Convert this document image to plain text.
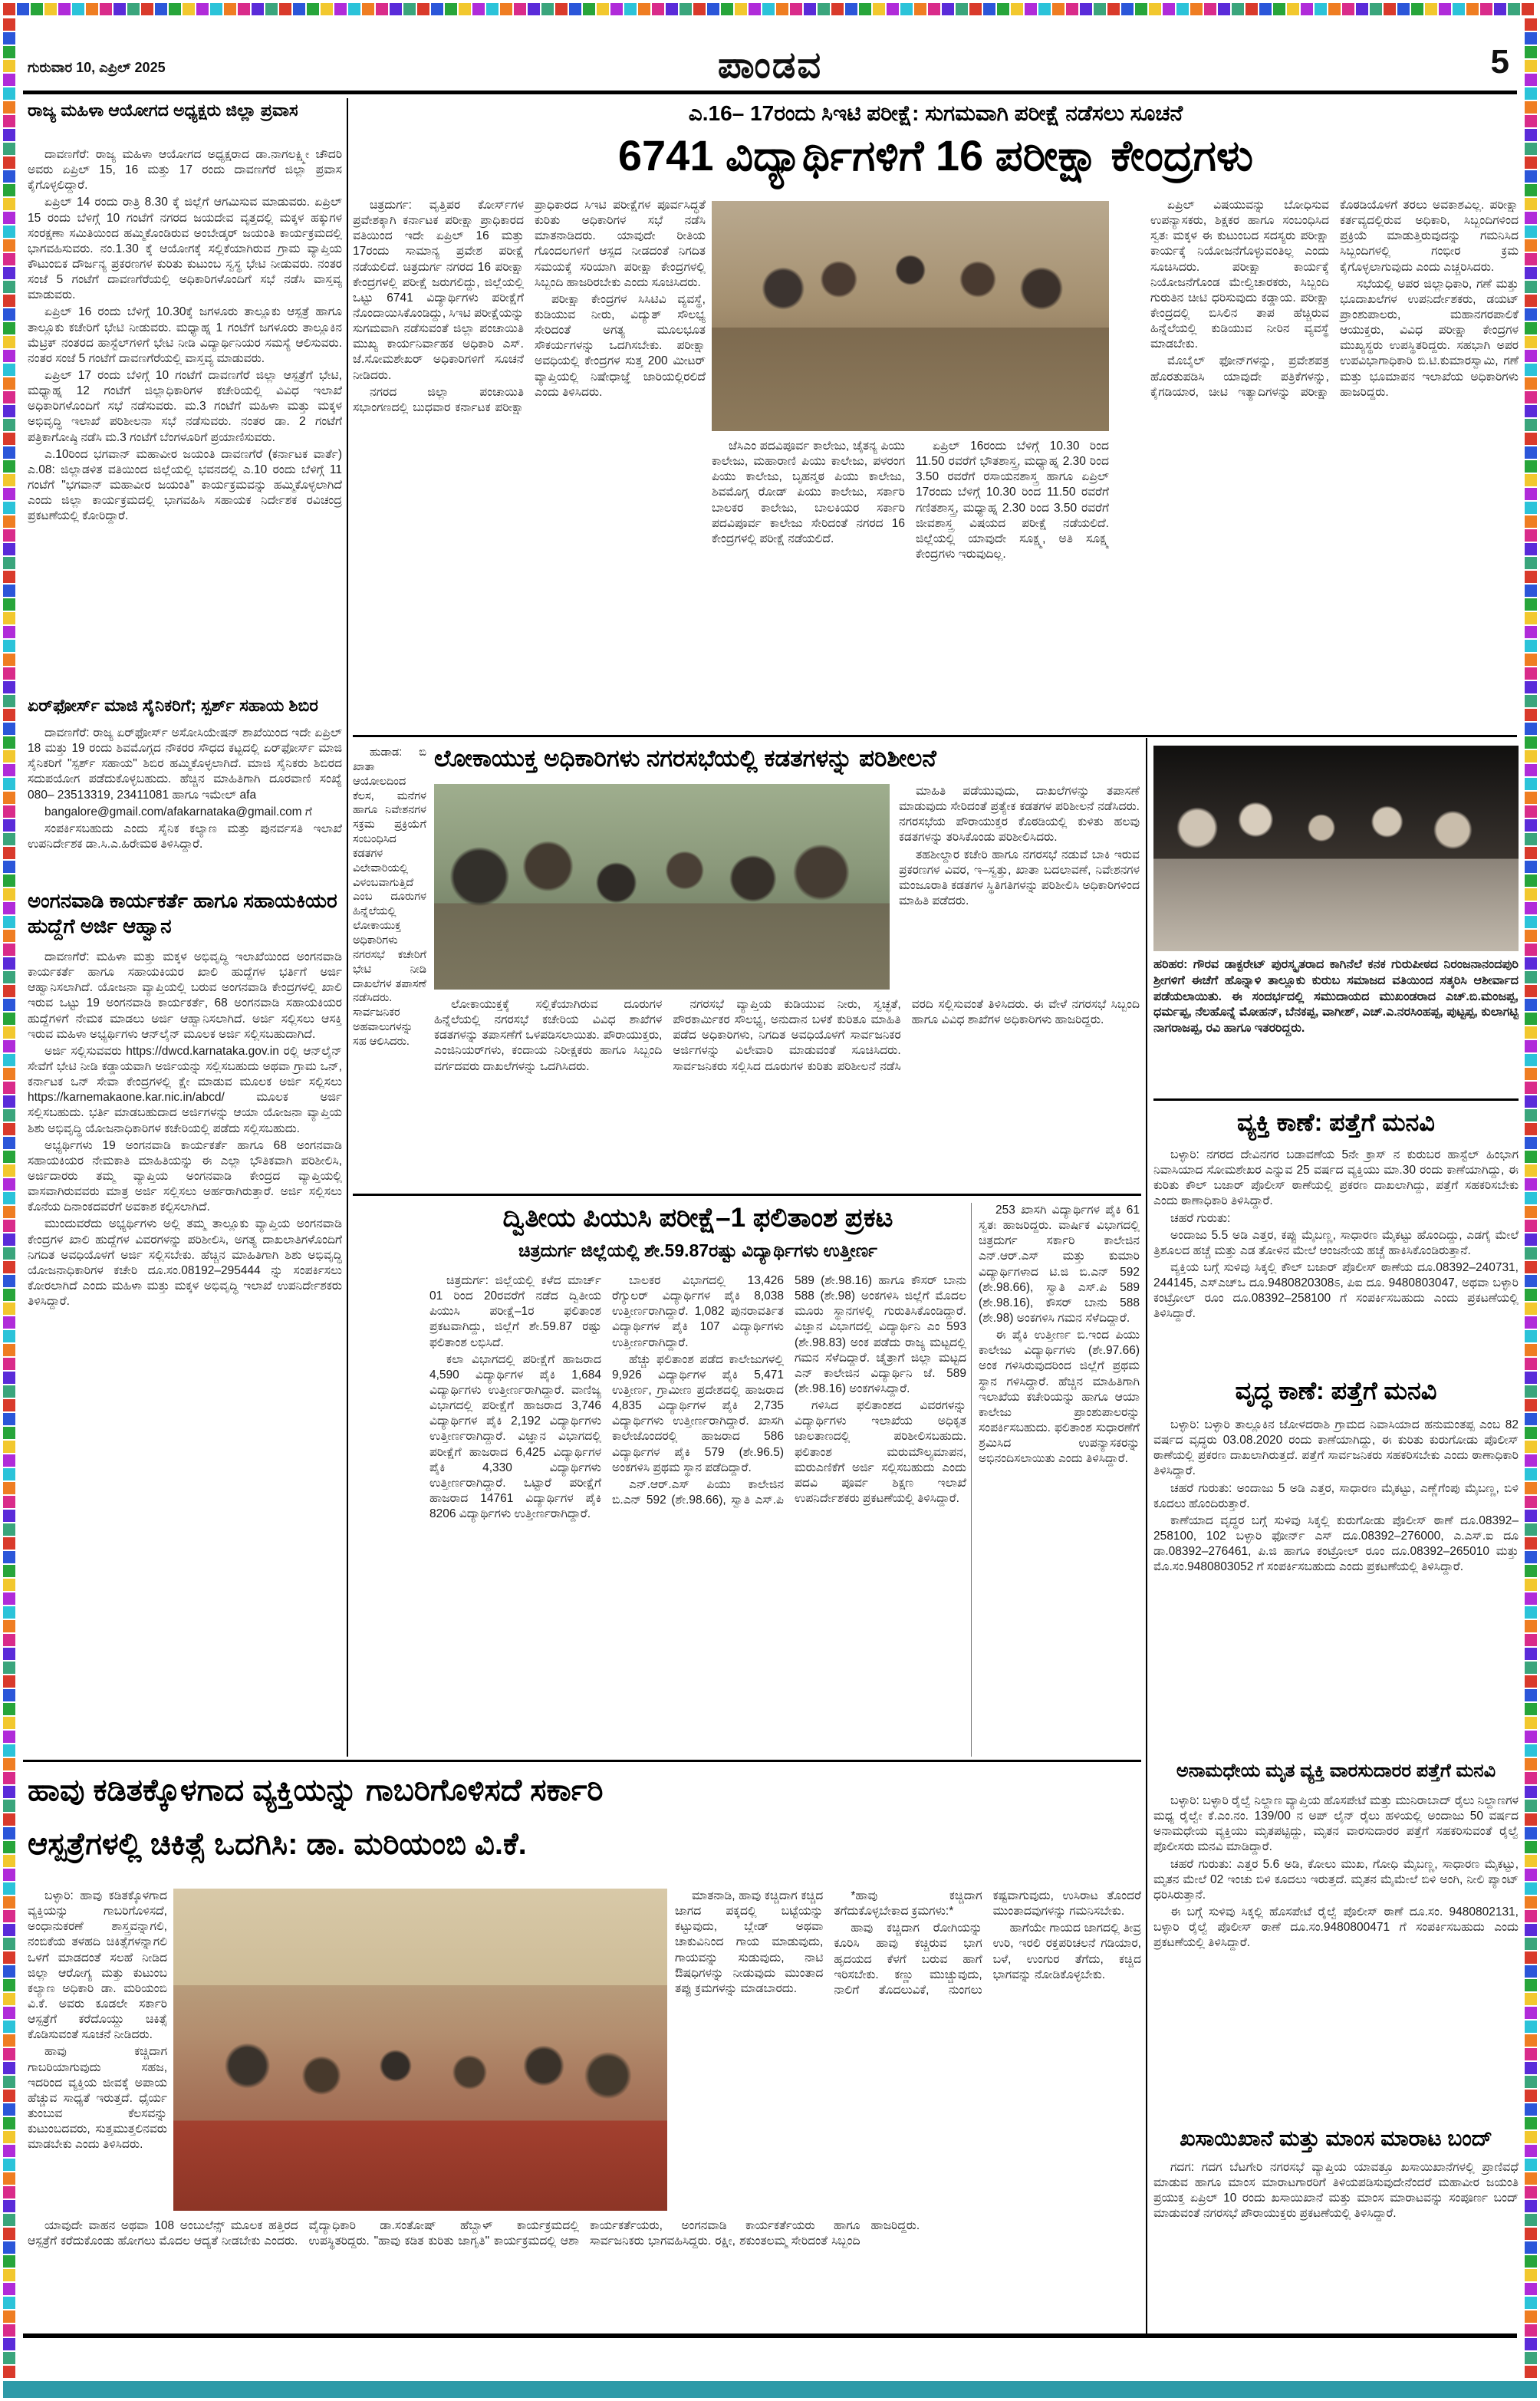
ಗುರುವಾರ 10, ಎಪ್ರಿಲ್ 2025	ಪಾಂಡವ	5
ರಾಜ್ಯ ಮಹಿಳಾ ಆಯೋಗದ ಅಧ್ಯಕ್ಷರು ಜಿಲ್ಲಾ ಪ್ರವಾಸ

ದಾವಣಗೆರೆ: ರಾಜ್ಯ ಮಹಿಳಾ ಆಯೋಗದ ಅಧ್ಯಕ್ಷರಾದ ಡಾ.ನಾಗಲಕ್ಷ್ಮೀ ಚೌದರಿ ಅವರು ಏಪ್ರಿಲ್ 15, 16 ಮತ್ತು 17 ರಂದು ದಾವಣಗೆರೆ ಜಿಲ್ಲಾ ಪ್ರವಾಸ ಕೈಗೊಳ್ಳಲಿದ್ದಾರೆ.

ಏಪ್ರಿಲ್ 14 ರಂದು ರಾತ್ರಿ 8.30 ಕ್ಕೆ ಜಿಲ್ಲೆಗೆ ಆಗಮಿಸುವ ಮಾಡುವರು. ಏಪ್ರಿಲ್ 15 ರಂದು ಬೆಳಿಗ್ಗೆ 10 ಗಂಟೆಗೆ ನಗರದ ಜಯದೇವ ವೃತ್ತದಲ್ಲಿ ಮಕ್ಕಳ ಹಕ್ಕುಗಳ ಸಂರಕ್ಷಣಾ ಸಮಿತಿಯಿಂದ ಹಮ್ಮಿಕೊಂಡಿರುವ ಅಂಬೇಡ್ಕರ್ ಜಯಂತಿ ಕಾರ್ಯಕ್ರಮದಲ್ಲಿ ಭಾಗವಹಿಸುವರು. ನಂ.1.30 ಕ್ಕೆ ಆಯೋಗಕ್ಕೆ ಸಲ್ಲಿಕೆಯಾಗಿರುವ ಗ್ರಾಮ ವ್ಯಾಪ್ತಿಯ ಕೌಟುಂಬಿಕ ದೌರ್ಜನ್ಯ ಪ್ರಕರಣಗಳ ಕುರಿತು ಕುಟುಂಬ ಸ್ವಸ್ಥ ಭೇಟಿ ನೀಡುವರು. ನಂತರ ಸಂಜೆ 5 ಗಂಟೆಗೆ ದಾವಣಗೆರೆಯಲ್ಲಿ ಅಧಿಕಾರಿಗಳೊಂದಿಗೆ ಸಭೆ ನಡೆಸಿ ವಾಸ್ತವ್ಯ ಮಾಡುವರು.

ಏಪ್ರಿಲ್ 16 ರಂದು ಬೆಳಿಗ್ಗೆ 10.30ಕ್ಕೆ ಜಗಳೂರು ತಾಲ್ಲೂಕು ಆಸ್ಪತ್ರೆ ಹಾಗೂ ತಾಲ್ಲೂಕು ಕಚೇರಿಗೆ ಭೇಟಿ ನೀಡುವರು. ಮಧ್ಯಾಹ್ನ 1 ಗಂಟೆಗೆ ಜಗಳೂರು ತಾಲ್ಲೂಕಿನ ಮೆಟ್ರಿಕ್ ನಂತರದ ಹಾಸ್ಟೆಲ್‌ಗಳಿಗೆ ಭೇಟಿ ನೀಡಿ ವಿದ್ಯಾರ್ಥಿನಿಯರ ಸಮಸ್ಯೆ ಆಲಿಸುವರು. ನಂತರ ಸಂಜೆ 5 ಗಂಟೆಗೆ ದಾವಣಗೆರೆಯಲ್ಲಿ ವಾಸ್ತವ್ಯ ಮಾಡುವರು.

ಏಪ್ರಿಲ್ 17 ರಂದು ಬೆಳಿಗ್ಗೆ 10 ಗಂಟೆಗೆ ದಾವಣಗೆರೆ ಜಿಲ್ಲಾ ಆಸ್ಪತ್ರೆಗೆ ಭೇಟಿ, ಮಧ್ಯಾಹ್ನ 12 ಗಂಟೆಗೆ ಜಿಲ್ಲಾಧಿಕಾರಿಗಳ ಕಚೇರಿಯಲ್ಲಿ ವಿವಿಧ ಇಲಾಖೆ ಅಧಿಕಾರಿಗಳೊಂದಿಗೆ ಸಭೆ ನಡೆಸುವರು. ಮ.3 ಗಂಟೆಗೆ ಮಹಿಳಾ ಮತ್ತು ಮಕ್ಕಳ ಅಭಿವೃದ್ಧಿ ಇಲಾಖೆ ಪರಿಶೀಲನಾ ಸಭೆ ನಡೆಸುವರು. ನಂತರ ಡಾ. 2 ಗಂಟೆಗೆ ಪತ್ರಿಕಾಗೋಷ್ಠಿ ನಡೆಸಿ ಮ.3 ಗಂಟೆಗೆ ಬೆಂಗಳೂರಿಗೆ ಪ್ರಯಾಣಿಸುವರು.

ಎ.10ರಿಂದ ಭಗವಾನ್ ಮಹಾವೀರ ಜಯಂತಿ ದಾವಣಗೆರೆ (ಕರ್ನಾಟಕ ವಾರ್ತೆ) ಎ.08: ಜಿಲ್ಲಾಡಳಿತ ವತಿಯಿಂದ ಜಿಲ್ಲೆಯಲ್ಲಿ ಭವನದಲ್ಲಿ ಎ.10 ರಂದು ಬೆಳಿಗ್ಗೆ 11 ಗಂಟೆಗೆ "ಭಗವಾನ್ ಮಹಾವೀರ ಜಯಂತಿ" ಕಾರ್ಯಕ್ರಮವನ್ನು ಹಮ್ಮಿಕೊಳ್ಳಲಾಗಿದೆ ಎಂದು ಜಿಲ್ಲಾ ಕಾರ್ಯಕ್ರಮದಲ್ಲಿ ಭಾಗವಹಿಸಿ ಸಹಾಯಕ ನಿರ್ದೇಶಕ ರವಿಚಂದ್ರ ಪ್ರಕಟಣೆಯಲ್ಲಿ ಕೋರಿದ್ದಾರೆ.

ಏರ್‌ಫೋರ್ಸ್ ಮಾಜಿ ಸೈನಿಕರಿಗೆ; ಸ್ಪರ್ಶ್ ಸಹಾಯ ಶಿಬಿರ

ದಾವಣಗೆರೆ: ರಾಜ್ಯ ಏರ್‌ಫೋರ್ಸ್ ಅಸೋಸಿಯೇಷನ್ ಶಾಖೆಯಿಂದ ಇದೇ ಏಪ್ರಿಲ್ 18 ಮತ್ತು 19 ರಂದು ಶಿವಮೊಗ್ಗದ ನೌಕರರ ಸೌಧದ ಕಟ್ಟದಲ್ಲಿ ಏರ್‌ಫೋರ್ಸ್ ಮಾಜಿ ಸೈನಿಕರಿಗೆ "ಸ್ಪರ್ಶ್ ಸಹಾಯ" ಶಿಬಿರ ಹಮ್ಮಿಕೊಳ್ಳಲಾಗಿದೆ. ಮಾಜಿ ಸೈನಿಕರು ಶಿಬಿರದ ಸದುಪಯೋಗ ಪಡೆದುಕೊಳ್ಳಬಹುದು. ಹೆಚ್ಚಿನ ಮಾಹಿತಿಗಾಗಿ ದೂರವಾಣಿ ಸಂಖ್ಯೆ 080– 23513319, 23411081 ಹಾಗೂ ಇಮೇಲ್ afa

bangalore@gmail.com/afakarnataka@gmail.com ಗೆ

ಸಂಪರ್ಕಿಸಬಹುದು ಎಂದು ಸೈನಿಕ ಕಲ್ಯಾಣ ಮತ್ತು ಪುನರ್ವಸತಿ ಇಲಾಖೆ ಉಪನಿರ್ದೇಶಕ ಡಾ.ಸಿ.ಎ.ಹಿರೇಮಠ ತಿಳಿಸಿದ್ದಾರೆ.

ಅಂಗನವಾಡಿ ಕಾರ್ಯಕರ್ತೆ ಹಾಗೂ ಸಹಾಯಕಿಯರ ಹುದ್ದೆಗೆ ಅರ್ಜಿ ಆಹ್ವಾನ

ದಾವಣಗೆರೆ: ಮಹಿಳಾ ಮತ್ತು ಮಕ್ಕಳ ಅಭಿವೃದ್ಧಿ ಇಲಾಖೆಯಿಂದ ಅಂಗನವಾಡಿ ಕಾರ್ಯಕರ್ತೆ ಹಾಗೂ ಸಹಾಯಕಿಯರ ಖಾಲಿ ಹುದ್ದೆಗಳ ಭರ್ತಿಗೆ ಅರ್ಜಿ ಆಹ್ವಾನಿಸಲಾಗಿದೆ. ಯೋಜನಾ ವ್ಯಾಪ್ತಿಯಲ್ಲಿ ಬರುವ ಅಂಗನವಾಡಿ ಕೇಂದ್ರಗಳಲ್ಲಿ ಖಾಲಿ ಇರುವ ಒಟ್ಟು 19 ಅಂಗನವಾಡಿ ಕಾರ್ಯಕರ್ತೆ, 68 ಅಂಗನವಾಡಿ ಸಹಾಯಕಿಯರ ಹುದ್ದೆಗಳಿಗೆ ನೇಮಕ ಮಾಡಲು ಅರ್ಜಿ ಆಹ್ವಾನಿಸಲಾಗಿದೆ. ಅರ್ಜಿ ಸಲ್ಲಿಸಲು ಆಸಕ್ತಿ ಇರುವ ಮಹಿಳಾ ಅಭ್ಯರ್ಥಿಗಳು ಆನ್‌ಲೈನ್ ಮೂಲಕ ಅರ್ಜಿ ಸಲ್ಲಿಸಬಹುದಾಗಿದೆ.

ಅರ್ಜಿ ಸಲ್ಲಿಸುವವರು https://dwcd.karnataka.gov.in ರಲ್ಲಿ ಆನ್‌ಲೈನ್ ಸೇವೆಗೆ ಭೇಟಿ ನೀಡಿ ಕಡ್ಡಾಯವಾಗಿ ಅರ್ಜಿಯನ್ನು ಸಲ್ಲಿಸಬಹುದು ಅಥವಾ ಗ್ರಾಮ ಒನ್, ಕರ್ನಾಟಕ ಒನ್ ಸೇವಾ ಕೇಂದ್ರಗಳಲ್ಲಿ ಕ್ಷೇ ಮಾಡುವ ಮೂಲಕ ಅರ್ಜಿ ಸಲ್ಲಿಸಲು https://karnemakaone.kar.nic.in/abcd/ ಮೂಲಕ ಅರ್ಜಿ ಸಲ್ಲಿಸಬಹುದು. ಭರ್ತಿ ಮಾಡಬಹುದಾದ ಅರ್ಜಿಗಳನ್ನು ಆಯಾ ಯೋಜನಾ ವ್ಯಾಪ್ತಿಯ ಶಿಶು ಅಭಿವೃದ್ಧಿ ಯೋಜನಾಧಿಕಾರಿಗಳ ಕಚೇರಿಯಲ್ಲಿ ಪಡೆದು ಸಲ್ಲಿಸಬಹುದು.

ಅಭ್ಯರ್ಥಿಗಳು 19 ಅಂಗನವಾಡಿ ಕಾರ್ಯಕರ್ತೆ ಹಾಗೂ 68 ಅಂಗನವಾಡಿ ಸಹಾಯಕಿಯರ ನೇಮಕಾತಿ ಮಾಹಿತಿಯನ್ನು ಈ ಎಲ್ಲಾ ಭೌತಿಕವಾಗಿ ಪರಿಶೀಲಿಸಿ, ಅರ್ಜಿದಾರರು ತಮ್ಮ ವ್ಯಾಪ್ತಿಯ ಅಂಗನವಾಡಿ ಕೇಂದ್ರದ ವ್ಯಾಪ್ತಿಯಲ್ಲಿ ವಾಸವಾಗಿರುವವರು ಮಾತ್ರ ಅರ್ಜಿ ಸಲ್ಲಿಸಲು ಅರ್ಹರಾಗಿರುತ್ತಾರೆ. ಅರ್ಜಿ ಸಲ್ಲಿಸಲು ಕೊನೆಯ ದಿನಾಂಕದವರೆಗೆ ಅವಕಾಶ ಕಲ್ಪಿಸಲಾಗಿದೆ.

ಮುಂದುವರೆದು ಅಭ್ಯರ್ಥಿಗಳು ಅಲ್ಲಿ ತಮ್ಮ ತಾಲ್ಲೂಕು ವ್ಯಾಪ್ತಿಯ ಅಂಗನವಾಡಿ ಕೇಂದ್ರಗಳ ಖಾಲಿ ಹುದ್ದೆಗಳ ವಿವರಗಳನ್ನು ಪರಿಶೀಲಿಸಿ, ಅಗತ್ಯ ದಾಖಲಾತಿಗಳೊಂದಿಗೆ ನಿಗದಿತ ಅವಧಿಯೊಳಗೆ ಅರ್ಜಿ ಸಲ್ಲಿಸಬೇಕು. ಹೆಚ್ಚಿನ ಮಾಹಿತಿಗಾಗಿ ಶಿಶು ಅಭಿವೃದ್ಧಿ ಯೋಜನಾಧಿಕಾರಿಗಳ ಕಚೇರಿ ದೂ.ಸಂ.08192–295444 ನ್ನು ಸಂಪರ್ಕಿಸಲು ಕೋರಲಾಗಿದೆ ಎಂದು ಮಹಿಳಾ ಮತ್ತು ಮಕ್ಕಳ ಅಭಿವೃದ್ಧಿ ಇಲಾಖೆ ಉಪನಿರ್ದೇಶಕರು ತಿಳಿಸಿದ್ದಾರೆ.

ಎ.16– 17ರಂದು ಸಿಇಟಿ ಪರೀಕ್ಷೆ: ಸುಗಮವಾಗಿ ಪರೀಕ್ಷೆ ನಡೆಸಲು ಸೂಚನೆ
6741 ವಿದ್ಯಾರ್ಥಿಗಳಿಗೆ 16 ಪರೀಕ್ಷಾ ಕೇಂದ್ರಗಳು

ಚಿತ್ರದುರ್ಗ: ವೃತ್ತಿಪರ ಕೋರ್ಸ್‌ಗಳ ಪ್ರವೇಶಕ್ಕಾಗಿ ಕರ್ನಾಟಕ ಪರೀಕ್ಷಾ ಪ್ರಾಧಿಕಾರದ ವತಿಯಿಂದ ಇದೇ ಏಪ್ರಿಲ್ 16 ಮತ್ತು 17ರಂದು ಸಾಮಾನ್ಯ ಪ್ರವೇಶ ಪರೀಕ್ಷೆ ನಡೆಯಲಿದೆ. ಚಿತ್ರದುರ್ಗ ನಗರದ 16 ಪರೀಕ್ಷಾ ಕೇಂದ್ರಗಳಲ್ಲಿ ಪರೀಕ್ಷೆ ಜರುಗಲಿದ್ದು, ಜಿಲ್ಲೆಯಲ್ಲಿ ಒಟ್ಟು 6741 ವಿದ್ಯಾರ್ಥಿಗಳು ಪರೀಕ್ಷೆಗೆ ನೊಂದಾಯಿಸಿಕೊಂಡಿದ್ದು, ಸಿಇಟಿ ಪರೀಕ್ಷೆಯನ್ನು ಸುಗಮವಾಗಿ ನಡೆಸುವಂತೆ ಜಿಲ್ಲಾ ಪಂಚಾಯಿತಿ ಮುಖ್ಯ ಕಾರ್ಯನಿರ್ವಾಹಕ ಅಧಿಕಾರಿ ಎಸ್. ಜೆ.ಸೋಮಶೇಖರ್ ಅಧಿಕಾರಿಗಳಿಗೆ ಸೂಚನೆ ನೀಡಿದರು.

ನಗರದ ಜಿಲ್ಲಾ ಪಂಚಾಯಿತಿ ಸಭಾಂಗಣದಲ್ಲಿ ಬುಧವಾರ ಕರ್ನಾಟಕ ಪರೀಕ್ಷಾ ಪ್ರಾಧಿಕಾರದ ಸಿಇಟಿ ಪರೀಕ್ಷೆಗಳ ಪೂರ್ವಸಿದ್ಧತೆ ಕುರಿತು ಅಧಿಕಾರಿಗಳ ಸಭೆ ನಡೆಸಿ ಮಾತನಾಡಿದರು. ಯಾವುದೇ ರೀತಿಯ ಗೊಂದಲಗಳಿಗೆ ಆಸ್ಪದ ನೀಡದಂತೆ ನಿಗದಿತ ಸಮಯಕ್ಕೆ ಸರಿಯಾಗಿ ಪರೀಕ್ಷಾ ಕೇಂದ್ರಗಳಲ್ಲಿ ಸಿಬ್ಬಂದಿ ಹಾಜರಿರಬೇಕು ಎಂದು ಸೂಚಿಸಿದರು.

ಪರೀಕ್ಷಾ ಕೇಂದ್ರಗಳ ಸಿಸಿಟಿವಿ ವ್ಯವಸ್ಥೆ, ಕುಡಿಯುವ ನೀರು, ವಿದ್ಯುತ್ ಸೌಲಭ್ಯ ಸೇರಿದಂತೆ ಅಗತ್ಯ ಮೂಲಭೂತ ಸೌಕರ್ಯಗಳನ್ನು ಒದಗಿಸಬೇಕು. ಪರೀಕ್ಷಾ ಅವಧಿಯಲ್ಲಿ ಕೇಂದ್ರಗಳ ಸುತ್ತ 200 ಮೀಟರ್ ವ್ಯಾಪ್ತಿಯಲ್ಲಿ ನಿಷೇಧಾಜ್ಞೆ ಜಾರಿಯಲ್ಲಿರಲಿದೆ ಎಂದು ತಿಳಿಸಿದರು.

ಜೆಸಿಎಂ ಪದವಿಪೂರ್ವ ಕಾಲೇಜು, ಚೈತನ್ಯ ಪಿಯು ಕಾಲೇಜು, ಮಹಾರಾಣಿ ಪಿಯು ಕಾಲೇಜು, ಪಳರಂಗ ಪಿಯು ಕಾಲೇಜು, ಬೃಹನ್ಮಠ ಪಿಯು ಕಾಲೇಜು, ಶಿವಮೊಗ್ಗ ರೋಡ್ ಪಿಯು ಕಾಲೇಜು, ಸರ್ಕಾರಿ ಬಾಲಕರ ಕಾಲೇಜು, ಬಾಲಕಿಯರ ಸರ್ಕಾರಿ ಪದವಿಪೂರ್ವ ಕಾಲೇಜು ಸೇರಿದಂತೆ ನಗರದ 16 ಕೇಂದ್ರಗಳಲ್ಲಿ ಪರೀಕ್ಷೆ ನಡೆಯಲಿದೆ.

ಏಪ್ರಿಲ್ 16ರಂದು ಬೆಳಿಗ್ಗೆ 10.30 ರಿಂದ 11.50 ರವರೆಗೆ ಭೌತಶಾಸ್ತ್ರ, ಮಧ್ಯಾಹ್ನ 2.30 ರಿಂದ 3.50 ರವರೆಗೆ ರಸಾಯನಶಾಸ್ತ್ರ ಹಾಗೂ ಏಪ್ರಿಲ್ 17ರಂದು ಬೆಳಿಗ್ಗೆ 10.30 ರಿಂದ 11.50 ರವರೆಗೆ ಗಣಿತಶಾಸ್ತ್ರ, ಮಧ್ಯಾಹ್ನ 2.30 ರಿಂದ 3.50 ರವರೆಗೆ ಜೀವಶಾಸ್ತ್ರ ವಿಷಯದ ಪರೀಕ್ಷೆ ನಡೆಯಲಿದೆ. ಜಿಲ್ಲೆಯಲ್ಲಿ ಯಾವುದೇ ಸೂಕ್ಷ್ಮ, ಅತಿ ಸೂಕ್ಷ್ಮ ಕೇಂದ್ರಗಳು ಇರುವುದಿಲ್ಲ.

ಏಪ್ರಿಲ್ ವಿಷಯುವನ್ನು ಬೋಧಿಸುವ ಉಪನ್ಯಾಸಕರು, ಶಿಕ್ಷಕರ ಹಾಗೂ ಸಂಬಂಧಿಸಿದ ಸ್ವತಃ ಮಕ್ಕಳ ಈ ಕುಟುಂಬದ ಸದಸ್ಯರು ಪರೀಕ್ಷಾ ಕಾರ್ಯಕ್ಕೆ ನಿಯೋಜನೆಗೊಳ್ಳುವಂತಿಲ್ಲ ಎಂದು ಸೂಚಿಸಿದರು. ಪರೀಕ್ಷಾ ಕಾರ್ಯಕ್ಕೆ ನಿಯೋಜನೆಗೊಂಡ ಮೇಲ್ವಿಚಾರಕರು, ಸಿಬ್ಬಂದಿ ಗುರುತಿನ ಚೀಟಿ ಧರಿಸುವುದು ಕಡ್ಡಾಯ. ಪರೀಕ್ಷಾ ಕೇಂದ್ರದಲ್ಲಿ ಬಿಸಿಲಿನ ತಾಪ ಹೆಚ್ಚಿರುವ ಹಿನ್ನೆಲೆಯಲ್ಲಿ ಕುಡಿಯುವ ನೀರಿನ ವ್ಯವಸ್ಥೆ ಮಾಡಬೇಕು.

ಮೊಬೈಲ್ ಫೋನ್‌ಗಳನ್ನು, ಪ್ರವೇಶಪತ್ರ ಹೊರತುಪಡಿಸಿ ಯಾವುದೇ ಪತ್ರಿಕೆಗಳನ್ನು, ಕೈಗಡಿಯಾರ, ಚೀಟಿ ಇತ್ಯಾದಿಗಳನ್ನು ಪರೀಕ್ಷಾ ಕೊಠಡಿಯೊಳಗೆ ತರಲು ಅವಕಾಶವಿಲ್ಲ. ಪರೀಕ್ಷಾ ಕರ್ತವ್ಯದಲ್ಲಿರುವ ಅಧಿಕಾರಿ, ಸಿಬ್ಬಂದಿಗಳಿಂದ ಪ್ರಕ್ರಿಯೆ ಮಾಡುತ್ತಿರುವುದನ್ನು ಗಮನಿಸಿದ ಸಿಬ್ಬಂದಿಗಳಲ್ಲಿ ಗಂಭೀರ ಕ್ರಮ ಕೈಗೊಳ್ಳಲಾಗುವುದು ಎಂದು ಎಚ್ಚರಿಸಿದರು.

ಸಭೆಯಲ್ಲಿ ಅಪರ ಜಿಲ್ಲಾಧಿಕಾರಿ, ಗಣೆ ಮತ್ತು ಭೂದಾಖಲೆಗಳ ಉಪನಿರ್ದೇಶಕರು, ಡಯಟ್ ಪ್ರಾಂಶುಪಾಲರು, ಮಹಾನಗರಪಾಲಿಕೆ ಆಯುಕ್ತರು, ವಿವಿಧ ಪರೀಕ್ಷಾ ಕೇಂದ್ರಗಳ ಮುಖ್ಯಸ್ಥರು ಉಪಸ್ಥಿತರಿದ್ದರು. ಸಹಭಾಗಿ ಅಪರ ಉಪವಿಭಾಗಾಧಿಕಾರಿ ಬಿ.ಟಿ.ಕುಮಾರಸ್ವಾಮಿ, ಗಣೆ ಮತ್ತು ಭೂಮಾಪನ ಇಲಾಖೆಯ ಅಧಿಕಾರಿಗಳು ಹಾಜರಿದ್ದರು.

ಹುಡಾಡ: ಬಿ ಖಾತಾ ಆಯೇೂಲದಿಂದ ಕೆಲಸ, ಮನೆಗಳ ಹಾಗೂ ನಿವೇಶನಗಳ ಸಕ್ರಮ ಪ್ರಕ್ರಿಯೆಗೆ ಸಂಬಂಧಿಸಿದ ಕಡತಗಳ ವಿಲೇವಾರಿಯಲ್ಲಿ ವಿಳಂಬವಾಗುತ್ತಿದೆ ಎಂಬ ದೂರುಗಳ ಹಿನ್ನೆಲೆಯಲ್ಲಿ ಲೋಕಾಯುಕ್ತ ಅಧಿಕಾರಿಗಳು ನಗರಸಭೆ ಕಚೇರಿಗೆ ಭೇಟಿ ನೀಡಿ ದಾಖಲೆಗಳ ತಪಾಸಣೆ ನಡೆಸಿದರು. ಸಾರ್ವಜನಿಕರ ಅಹವಾಲುಗಳನ್ನು ಸಹ ಆಲಿಸಿದರು.

ಲೋಕಾಯುಕ್ತ ಅಧಿಕಾರಿಗಳು ನಗರಸಭೆಯಲ್ಲಿ ಕಡತಗಳನ್ನು ಪರಿಶೀಲನೆ

ಮಾಹಿತಿ ಪಡೆಯುವುದು, ದಾಖಲೆಗಳನ್ನು ತಪಾಸಣೆ ಮಾಡುವುದು ಸೇರಿದಂತೆ ಪ್ರತ್ಯೇಕ ಕಡತಗಳ ಪರಿಶೀಲನೆ ನಡೆಸಿದರು. ನಗರಸಭೆಯ ಪೌರಾಯುಕ್ತರ ಕೊಠಡಿಯಲ್ಲಿ ಕುಳಿತು ಹಲವು ಕಡತಗಳನ್ನು ತರಿಸಿಕೊಂಡು ಪರಿಶೀಲಿಸಿದರು.

ತಹಶೀಲ್ದಾರ ಕಚೇರಿ ಹಾಗೂ ನಗರಸಭೆ ನಡುವೆ ಬಾಕಿ ಇರುವ ಪ್ರಕರಣಗಳ ವಿವರ, ಇ–ಸ್ವತ್ತು, ಖಾತಾ ಬದಲಾವಣೆ, ನಿವೇಶನಗಳ ಮಂಜೂರಾತಿ ಕಡತಗಳ ಸ್ಥಿತಿಗತಿಗಳನ್ನು ಪರಿಶೀಲಿಸಿ ಅಧಿಕಾರಿಗಳಿಂದ ಮಾಹಿತಿ ಪಡೆದರು.

ಲೋಕಾಯುಕ್ತಕ್ಕೆ ಸಲ್ಲಿಕೆಯಾಗಿರುವ ದೂರುಗಳ ಹಿನ್ನೆಲೆಯಲ್ಲಿ ನಗರಸಭೆ ಕಚೇರಿಯ ವಿವಿಧ ಶಾಖೆಗಳ ಕಡತಗಳನ್ನು ತಪಾಸಣೆಗೆ ಒಳಪಡಿಸಲಾಯಿತು. ಪೌರಾಯುಕ್ತರು, ಎಂಜಿನಿಯರ್‌ಗಳು, ಕಂದಾಯ ನಿರೀಕ್ಷಕರು ಹಾಗೂ ಸಿಬ್ಬಂದಿ ವರ್ಗದವರು ದಾಖಲೆಗಳನ್ನು ಒದಗಿಸಿದರು.

ನಗರಸಭೆ ವ್ಯಾಪ್ತಿಯ ಕುಡಿಯುವ ನೀರು, ಸ್ವಚ್ಛತೆ, ಪೌರಕಾರ್ಮಿಕರ ಸೌಲಭ್ಯ, ಅನುದಾನ ಬಳಕೆ ಕುರಿತೂ ಮಾಹಿತಿ ಪಡೆದ ಅಧಿಕಾರಿಗಳು, ನಿಗದಿತ ಅವಧಿಯೊಳಗೆ ಸಾರ್ವಜನಿಕರ ಅರ್ಜಿಗಳನ್ನು ವಿಲೇವಾರಿ ಮಾಡುವಂತೆ ಸೂಚಿಸಿದರು. ಸಾರ್ವಜನಿಕರು ಸಲ್ಲಿಸಿದ ದೂರುಗಳ ಕುರಿತು ಪರಿಶೀಲನೆ ನಡೆಸಿ ವರದಿ ಸಲ್ಲಿಸುವಂತೆ ತಿಳಿಸಿದರು. ಈ ವೇಳೆ ನಗರಸಭೆ ಸಿಬ್ಬಂದಿ ಹಾಗೂ ವಿವಿಧ ಶಾಖೆಗಳ ಅಧಿಕಾರಿಗಳು ಹಾಜರಿದ್ದರು.

ದ್ವಿತೀಯ ಪಿಯುಸಿ ಪರೀಕ್ಷೆ–1 ಫಲಿತಾಂಶ ಪ್ರಕಟ
ಚಿತ್ರದುರ್ಗ ಜಿಲ್ಲೆಯಲ್ಲಿ ಶೇ.59.87ರಷ್ಟು ವಿದ್ಯಾರ್ಥಿಗಳು ಉತ್ತೀರ್ಣ

ಚಿತ್ರದುರ್ಗ: ಜಿಲ್ಲೆಯಲ್ಲಿ ಕಳೆದ ಮಾರ್ಚ್ 01 ರಿಂದ 20ರವರೆಗೆ ನಡೆದ ದ್ವಿತೀಯ ಪಿಯುಸಿ ಪರೀಕ್ಷೆ–1ರ ಫಲಿತಾಂಶ ಪ್ರಕಟವಾಗಿದ್ದು, ಜಿಲ್ಲೆಗೆ ಶೇ.59.87 ರಷ್ಟು ಫಲಿತಾಂಶ ಲಭಿಸಿದೆ.

ಕಲಾ ವಿಭಾಗದಲ್ಲಿ ಪರೀಕ್ಷೆಗೆ ಹಾಜರಾದ 4,590 ವಿದ್ಯಾರ್ಥಿಗಳ ಪೈಕಿ 1,684 ವಿದ್ಯಾರ್ಥಿಗಳು ಉತ್ತೀರ್ಣರಾಗಿದ್ದಾರೆ. ವಾಣಿಜ್ಯ ವಿಭಾಗದಲ್ಲಿ ಪರೀಕ್ಷೆಗೆ ಹಾಜರಾದ 3,746 ವಿದ್ಯಾರ್ಥಿಗಳ ಪೈಕಿ 2,192 ವಿದ್ಯಾರ್ಥಿಗಳು ಉತ್ತೀರ್ಣರಾಗಿದ್ದಾರೆ. ವಿಜ್ಞಾನ ವಿಭಾಗದಲ್ಲಿ ಪರೀಕ್ಷೆಗೆ ಹಾಜರಾದ 6,425 ವಿದ್ಯಾರ್ಥಿಗಳ ಪೈಕಿ 4,330 ವಿದ್ಯಾರ್ಥಿಗಳು ಉತ್ತೀರ್ಣರಾಗಿದ್ದಾರೆ. ಒಟ್ಟಾರೆ ಪರೀಕ್ಷೆಗೆ ಹಾಜರಾದ 14761 ವಿದ್ಯಾರ್ಥಿಗಳ ಪೈಕಿ 8206 ವಿದ್ಯಾರ್ಥಿಗಳು ಉತ್ತೀರ್ಣರಾಗಿದ್ದಾರೆ.

ಬಾಲಕರ ವಿಭಾಗದಲ್ಲಿ 13,426 ರೆಗ್ಯುಲರ್ ವಿದ್ಯಾರ್ಥಿಗಳ ಪೈಕಿ 8,038 ಉತ್ತೀರ್ಣರಾಗಿದ್ದಾರೆ. 1,082 ಪುನರಾವರ್ತಿತ ವಿದ್ಯಾರ್ಥಿಗಳ ಪೈಕಿ 107 ವಿದ್ಯಾರ್ಥಿಗಳು ಉತ್ತೀರ್ಣರಾಗಿದ್ದಾರೆ.

ಹೆಚ್ಚು ಫಲಿತಾಂಶ ಪಡೆದ ಕಾಲೇಜುಗಳಲ್ಲಿ 9,926 ವಿದ್ಯಾರ್ಥಿಗಳ ಪೈಕಿ 5,471 ಉತ್ತೀರ್ಣ, ಗ್ರಾಮೀಣ ಪ್ರದೇಶದಲ್ಲಿ ಹಾಜರಾದ 4,835 ವಿದ್ಯಾರ್ಥಿಗಳ ಪೈಕಿ 2,735 ವಿದ್ಯಾರ್ಥಿಗಳು ಉತ್ತೀರ್ಣರಾಗಿದ್ದಾರೆ. ಖಾಸಗಿ ಕಾಲೇಜೊಂದರಲ್ಲಿ ಹಾಜರಾದ 586 ವಿದ್ಯಾರ್ಥಿಗಳ ಪೈಕಿ 579 (ಶೇ.96.5) ಅಂಕಗಳಿಸಿ ಪ್ರಥಮ ಸ್ಥಾನ ಪಡೆದಿದ್ದಾರೆ.

ಎನ್.ಆರ್.ಎಸ್ ಪಿಯು ಕಾಲೇಜಿನ ಬಿ.ಎನ್ 592 (ಶೇ.98.66), ಸ್ವಾತಿ ಎಸ್.ಪಿ 589 (ಶೇ.98.16) ಹಾಗೂ ಕೌಸರ್ ಬಾನು 588 (ಶೇ.98) ಅಂಕಗಳಿಸಿ ಜಿಲ್ಲೆಗೆ ಮೊದಲ ಮೂರು ಸ್ಥಾನಗಳಲ್ಲಿ ಗುರುತಿಸಿಕೊಂಡಿದ್ದಾರೆ. ವಿಜ್ಞಾನ ವಿಭಾಗದಲ್ಲಿ ವಿದ್ಯಾರ್ಥಿನಿ ಎಂ 593 (ಶೇ.98.83) ಅಂಕ ಪಡೆದು ರಾಜ್ಯ ಮಟ್ಟದಲ್ಲಿ ಗಮನ ಸೆಳೆದಿದ್ದಾರೆ. ಚೈತ್ರಾಗೆ ಜಿಲ್ಲಾ ಮಟ್ಟದ ಎನ್ ಕಾಲೇಜಿನ ವಿದ್ಯಾರ್ಥಿನಿ ಜೆ. 589 (ಶೇ.98.16) ಅಂಕಗಳಿಸಿದ್ದಾರೆ.

ಗಳಿಸಿದ ಫಲಿತಾಂಶದ ವಿವರಗಳನ್ನು ವಿದ್ಯಾರ್ಥಿಗಳು ಇಲಾಖೆಯ ಅಧಿಕೃತ ಜಾಲತಾಣದಲ್ಲಿ ಪರಿಶೀಲಿಸಬಹುದು. ಫಲಿತಾಂಶ ಮರುಮೌಲ್ಯಮಾಪನ, ಮರುಎಣಿಕೆಗೆ ಅರ್ಜಿ ಸಲ್ಲಿಸಬಹುದು ಎಂದು ಪದವಿ ಪೂರ್ವ ಶಿಕ್ಷಣ ಇಲಾಖೆ ಉಪನಿರ್ದೇಶಕರು ಪ್ರಕಟಣೆಯಲ್ಲಿ ತಿಳಿಸಿದ್ದಾರೆ.

253 ಖಾಸಗಿ ವಿದ್ಯಾರ್ಥಿಗಳ ಪೈಕಿ 61 ಸ್ವತಃ ಹಾಜರಿದ್ದರು. ವಾರ್ಷಿಕ ವಿಭಾಗದಲ್ಲಿ ಚಿತ್ರದುರ್ಗ ಸರ್ಕಾರಿ ಕಾಲೇಜಿನ ಎನ್.ಆರ್.ಎಸ್ ಮತ್ತು ಕುಮಾರಿ ವಿದ್ಯಾರ್ಥಿಗಳಾದ ಟಿ.ಜಿ ಬಿ.ಎನ್ 592 (ಶೇ.98.66), ಸ್ವಾತಿ ಎಸ್.ಪಿ 589 (ಶೇ.98.16), ಕೌಸರ್ ಬಾನು 588 (ಶೇ.98) ಅಂಕಗಳಿಸಿ ಗಮನ ಸೆಳೆದಿದ್ದಾರೆ.

ಈ ಪೈಕಿ ಉತ್ತೀರ್ಣ ಬಿ.ಇಂದ ಪಿಯು ಕಾಲೇಜು ವಿದ್ಯಾರ್ಥಿಗಳು (ಶೇ.97.66) ಅಂಕ ಗಳಿಸಿರುವುದರಿಂದ ಜಿಲ್ಲೆಗೆ ಪ್ರಥಮ ಸ್ಥಾನ ಗಳಿಸಿದ್ದಾರೆ. ಹೆಚ್ಚಿನ ಮಾಹಿತಿಗಾಗಿ ಇಲಾಖೆಯ ಕಚೇರಿಯನ್ನು ಹಾಗೂ ಆಯಾ ಕಾಲೇಜು ಪ್ರಾಂಶುಪಾಲರನ್ನು ಸಂಪರ್ಕಿಸಬಹುದು. ಫಲಿತಾಂಶ ಸುಧಾರಣೆಗೆ ಶ್ರಮಿಸಿದ ಉಪನ್ಯಾಸಕರನ್ನು ಅಭಿನಂದಿಸಲಾಯಿತು ಎಂದು ತಿಳಿಸಿದ್ದಾರೆ.

ಹಾವು ಕಡಿತಕ್ಕೊಳಗಾದ ವ್ಯಕ್ತಿಯನ್ನು ಗಾಬರಿಗೊಳಿಸದೆ ಸರ್ಕಾರಿ
ಆಸ್ಪತ್ರೆಗಳಲ್ಲಿ ಚಿಕಿತ್ಸೆ ಒದಗಿಸಿ: ಡಾ. ಮರಿಯಂಬಿ ವಿ.ಕೆ.

ಬಳ್ಳಾರಿ: ಹಾವು ಕಡಿತಕ್ಕೊಳಗಾದ ವ್ಯಕ್ತಿಯನ್ನು ಗಾಬರಿಗೊಳಿಸದೆ, ಅಂಧಾನುಕರಣೆ ಶಾಸ್ತ್ರವನ್ನಾಗಲಿ, ನಂಬಿಕೆಯ ತಳಹದಿ ಚಿಕಿತ್ಸೆಗಳನ್ನಾಗಲಿ ಒಳಗೆ ಮಾಡದಂತೆ ಸಲಹೆ ನೀಡಿದ ಜಿಲ್ಲಾ ಆರೋಗ್ಯ ಮತ್ತು ಕುಟುಂಬ ಕಲ್ಯಾಣ ಅಧಿಕಾರಿ ಡಾ. ಮರಿಯಂಬಿ ವಿ.ಕೆ. ಅವರು ಕೂಡಲೇ ಸರ್ಕಾರಿ ಆಸ್ಪತ್ರೆಗೆ ಕರೆದೊಯ್ದು ಚಿಕಿತ್ಸೆ ಕೊಡಿಸುವಂತೆ ಸೂಚನೆ ನೀಡಿದರು.

ಹಾವು ಕಚ್ಚಿದಾಗ ಗಾಬರಿಯಾಗುವುದು ಸಹಜ, ಇದರಿಂದ ವ್ಯಕ್ತಿಯ ಜೀವಕ್ಕೆ ಅಪಾಯ ಹೆಚ್ಚುವ ಸಾಧ್ಯತೆ ಇರುತ್ತದೆ. ಧೈರ್ಯ ತುಂಬುವ ಕೆಲಸವನ್ನು ಕುಟುಂಬದವರು, ಸುತ್ತಮುತ್ತಲಿನವರು ಮಾಡಬೇಕು ಎಂದು ತಿಳಿಸಿದರು.

ಮಾತನಾಡಿ, ಹಾವು ಕಚ್ಚಿದಾಗ ಕಚ್ಚಿದ ಜಾಗದ ಪಕ್ಕದಲ್ಲಿ ಬಟ್ಟೆಯನ್ನು ಕಟ್ಟುವುದು, ಬ್ಲೇಡ್ ಅಥವಾ ಚಾಕುವಿನಿಂದ ಗಾಯ ಮಾಡುವುದು, ಗಾಯವನ್ನು ಸುಡುವುದು, ನಾಟಿ ಔಷಧಿಗಳನ್ನು ನೀಡುವುದು ಮುಂತಾದ ತಪ್ಪು ಕ್ರಮಗಳನ್ನು ಮಾಡಬಾರದು.

*ಹಾವು ಕಚ್ಚಿದಾಗ ತಗೆದುಕೊಳ್ಳಬೇಕಾದ ಕ್ರಮಗಳು:*

ಹಾವು ಕಚ್ಚಿದಾಗ ರೋಗಿಯನ್ನು ಕೂರಿಸಿ ಹಾವು ಕಚ್ಚಿರುವ ಭಾಗ ಹೃದಯದ ಕೆಳಗೆ ಬರುವ ಹಾಗೆ ಇರಿಸಬೇಕು. ಕಣ್ಣು ಮುಚ್ಚುವುದು, ನಾಲಿಗೆ ತೊದಲುವಿಕೆ, ನುಂಗಲು ಕಷ್ಟವಾಗುವುದು, ಉಸಿರಾಟ ತೊಂದರೆ ಮುಂತಾದವುಗಳನ್ನು ಗಮನಿಸಬೇಕು.

ಹಾಗೆಯೇ ಗಾಯದ ಜಾಗದಲ್ಲಿ ತೀವ್ರ ಉರಿ, ಇರಲಿ ರಕ್ತಪರಿಚಲನೆ ಗಡಿಯಾರ, ಬಳೆ, ಉಂಗುರ ತೆಗೆದು, ಕಚ್ಚಿದ ಭಾಗವನ್ನು ನೋಡಿಕೊಳ್ಳಬೇಕು.

ಯಾವುದೇ ವಾಹನ ಅಥವಾ 108 ಅಂಬುಲೆನ್ಸ್ ಮೂಲಕ ಹತ್ತಿರದ ಆಸ್ಪತ್ರೆಗೆ ಕರೆದುಕೊಂಡು ಹೋಗಲು ಮೊದಲ ಆದ್ಯತೆ ನೀಡಬೇಕು ಎಂದರು. ವೈದ್ಯಾಧಿಕಾರಿ ಡಾ.ಸಂತೋಷ್ ಹೆಬ್ಬಾಳ್ ಕಾರ್ಯಕ್ರಮದಲ್ಲಿ ಉಪಸ್ಥಿತರಿದ್ದರು. "ಹಾವು ಕಡಿತ ಕುರಿತು ಜಾಗೃತಿ" ಕಾರ್ಯಕ್ರಮದಲ್ಲಿ ಆಶಾ ಕಾರ್ಯಕರ್ತೆಯರು, ಅಂಗನವಾಡಿ ಕಾರ್ಯಕರ್ತೆಯರು ಹಾಗೂ ಸಾರ್ವಜನಿಕರು ಭಾಗವಹಿಸಿದ್ದರು. ರಕ್ಷೀ, ಶಕುಂತಲಮ್ಮ ಸೇರಿದಂತೆ ಸಿಬ್ಬಂದಿ ಹಾಜರಿದ್ದರು.

ಹರಿಹರ: ಗೌರವ ಡಾಕ್ಟರೇಟ್ ಪುರಸ್ಕೃತರಾದ ಕಾಗಿನೆಲೆ ಕನಕ ಗುರುಪೀಠದ ನಿರಂಜನಾನಂದಪುರಿ ಶ್ರೀಗಳಿಗೆ ಈಚೆಗೆ ಹೊನ್ನಾಳಿ ತಾಲ್ಲೂಕು ಕುರುಬ ಸಮಾಜದ ವತಿಯಿಂದ ಸತ್ಕರಿಸಿ ಆಶೀರ್ವಾದ ಪಡೆಯಲಾಯಿತು. ಈ ಸಂದರ್ಭದಲ್ಲಿ ಸಮುದಾಯದ ಮುಖಂಡರಾದ ಎಚ್.ಬಿ.ಮಂಜಪ್ಪ, ಧರ್ಮಪ್ಪ, ನೆಲಹೊನ್ನೆ ಮೋಹನ್, ಬೆನಕಪ್ಪ, ವಾಗೀಶ್, ಎಚ್.ಎ.ನರಸಿಂಹಪ್ಪ, ಪುಟ್ಟಪ್ಪ, ಕುಲಾಗಟ್ಟಿ ನಾಗರಾಜಪ್ಪ, ರವಿ ಹಾಗೂ ಇತರರಿದ್ದರು.

ವ್ಯಕ್ತಿ ಕಾಣೆ: ಪತ್ತೆಗೆ ಮನವಿ

ಬಳ್ಳಾರಿ: ನಗರದ ದೇವಿನಗರ ಬಡಾವಣೆಯ 5ನೇ ಕ್ರಾಸ್ ನ ಕುರುಬರ ಹಾಸ್ಟೆಲ್ ಹಿಂಭಾಗ ನಿವಾಸಿಯಾದ ಸೋಮಶೇಖರ ಎನ್ನುವ 25 ವರ್ಷದ ವ್ಯಕ್ತಿಯು ಮಾ.30 ರಂದು ಕಾಣೆಯಾಗಿದ್ದು, ಈ ಕುರಿತು ಕೌಲ್ ಬಜಾರ್ ಪೊಲೀಸ್ ಠಾಣೆಯಲ್ಲಿ ಪ್ರಕರಣ ದಾಖಲಾಗಿದ್ದು, ಪತ್ತೆಗೆ ಸಹಕರಿಸಬೇಕು ಎಂದು ಠಾಣಾಧಿಕಾರಿ ತಿಳಿಸಿದ್ದಾರೆ.

ಚಹರೆ ಗುರುತು:

ಅಂದಾಜು 5.5 ಅಡಿ ಎತ್ತರ, ಕಪ್ಪು ಮೈಬಣ್ಣ, ಸಾಧಾರಣ ಮೈಕಟ್ಟು ಹೊಂದಿದ್ದು, ಎಡಗೈ ಮೇಲೆ ತ್ರಿಶೂಲದ ಹಚ್ಚೆ ಮತ್ತು ಎಡ ತೋಳಿನ ಮೇಲೆ ಆಂಜನೇಯ ಹಚ್ಚೆ ಹಾಕಿಸಿಕೊಂಡಿರುತ್ತಾನೆ.

ವ್ಯಕ್ತಿಯ ಬಗ್ಗೆ ಸುಳಿವು ಸಿಕ್ಕಲ್ಲಿ ಕೌಲ್ ಬಜಾರ್ ಪೊಲೀಸ್ ಠಾಣೆಯ ದೂ.08392–240731, 244145, ಎಸ್‌ಎಚ್‌ಒ ದೂ.9480820308ಽ, ಪಿಐ ದೂ. 9480803047, ಅಥವಾ ಬಳ್ಳಾರಿ ಕಂಟ್ರೋಲ್ ರೂಂ ದೂ.08392–258100 ಗೆ ಸಂಪರ್ಕಿಸಬಹುದು ಎಂದು ಪ್ರಕಟಣೆಯಲ್ಲಿ ತಿಳಿಸಿದ್ದಾರೆ.

ವೃದ್ಧ ಕಾಣೆ: ಪತ್ತೆಗೆ ಮನವಿ

ಬಳ್ಳಾರಿ: ಬಳ್ಳಾರಿ ತಾಲ್ಲೂಕಿನ ಜೋಳದರಾಶಿ ಗ್ರಾಮದ ನಿವಾಸಿಯಾದ ಹನುಮಂತಪ್ಪ ಎಂಬ 82 ವರ್ಷದ ವೃದ್ಧರು 03.08.2020 ರಂದು ಕಾಣೆಯಾಗಿದ್ದು, ಈ ಕುರಿತು ಕುರುಗೋಡು ಪೊಲೀಸ್ ಠಾಣೆಯಲ್ಲಿ ಪ್ರಕರಣ ದಾಖಲಾಗಿರುತ್ತದೆ. ಪತ್ತೆಗೆ ಸಾರ್ವಜನಿಕರು ಸಹಕರಿಸಬೇಕು ಎಂದು ಠಾಣಾಧಿಕಾರಿ ತಿಳಿಸಿದ್ದಾರೆ.

ಚಹರೆ ಗುರುತು: ಅಂದಾಜು 5 ಅಡಿ ಎತ್ತರ, ಸಾಧಾರಣ ಮೈಕಟ್ಟು, ಎಣ್ಣೆಗೆಂಪು ಮೈಬಣ್ಣ, ಬಿಳಿ ಕೂದಲು ಹೊಂದಿರುತ್ತಾರೆ.

ಕಾಣೆಯಾದ ವೃದ್ಧರ ಬಗ್ಗೆ ಸುಳಿವು ಸಿಕ್ಕಲ್ಲಿ ಕುರುಗೋಡು ಪೊಲೀಸ್ ಠಾಣೆ ದೂ.08392–258100, 102 ಬಳ್ಳಾರಿ ಫೋರ್ನ್ ಎಸ್ ದೂ.08392–276000, ಎ.ಎಸ್.ಐ ದೂ ಡಾ.08392–276461, ಪಿ.ಜಿ ಹಾಗೂ ಕಂಟ್ರೋಲ್ ರೂಂ ದೂ.08392–265010 ಮತ್ತು ಮೊ.ಸಂ.9480803052 ಗೆ ಸಂಪರ್ಕಿಸಬಹುದು ಎಂದು ಪ್ರಕಟಣೆಯಲ್ಲಿ ತಿಳಿಸಿದ್ದಾರೆ.

ಅನಾಮಧೇಯ ಮೃತ ವ್ಯಕ್ತಿ ವಾರಸುದಾರರ ಪತ್ತೆಗೆ ಮನವಿ

ಬಳ್ಳಾರಿ: ಬಳ್ಳಾರಿ ರೈಲ್ವೆ ನಿಲ್ದಾಣ ವ್ಯಾಪ್ತಿಯ ಹೊಸಪೇಟೆ ಮತ್ತು ಮುನಿರಾಬಾದ್ ರೈಲು ನಿಲ್ದಾಣಗಳ ಮಧ್ಯ ರೈಲ್ವೇ ಕೆ.ಎಂ.ನಂ. 139/00 ನ ಅಪ್ ಲೈನ್ ರೈಲು ಹಳಿಯಲ್ಲಿ ಅಂದಾಜು 50 ವರ್ಷದ ಅನಾಮಧೇಯ ವ್ಯಕ್ತಿಯು ಮೃತಪಟ್ಟಿದ್ದು, ಮೃತನ ವಾರಸುದಾರರ ಪತ್ತೆಗೆ ಸಹಕರಿಸುವಂತೆ ರೈಲ್ವೆ ಪೊಲೀಸರು ಮನವಿ ಮಾಡಿದ್ದಾರೆ.

ಚಹರೆ ಗುರುತು: ಎತ್ತರ 5.6 ಅಡಿ, ಕೋಲು ಮುಖ, ಗೋಧಿ ಮೈಬಣ್ಣ, ಸಾಧಾರಣ ಮೈಕಟ್ಟು, ಮೃತನ ಮೇಲೆ 02 ಇಂಚು ಬಿಳಿ ಕೂದಲು ಇರುತ್ತದೆ. ಮೃತನ ಮೈಮೇಲೆ ಬಿಳಿ ಅಂಗಿ, ನೀಲಿ ಪ್ಯಾಂಟ್ ಧರಿಸಿರುತ್ತಾನೆ.

ಈ ಬಗ್ಗೆ ಸುಳಿವು ಸಿಕ್ಕಲ್ಲಿ ಹೊಸಪೇಟೆ ರೈಲ್ವೆ ಪೊಲೀಸ್ ಠಾಣೆ ದೂ.ಸಂ. 9480802131, ಬಳ್ಳಾರಿ ರೈಲ್ವೆ ಪೊಲೀಸ್ ಠಾಣೆ ದೂ.ಸಂ.9480800471 ಗೆ ಸಂಪರ್ಕಿಸಬಹುದು ಎಂದು ಪ್ರಕಟಣೆಯಲ್ಲಿ ತಿಳಿಸಿದ್ದಾರೆ.

ಖಸಾಯಿಖಾನೆ ಮತ್ತು ಮಾಂಸ ಮಾರಾಟ ಬಂದ್

ಗದಗ: ಗದಗ ಬೆಟಗೇರಿ ನಗರಸಭೆ ವ್ಯಾಪ್ತಿಯ ಯಾವತ್ತೂ ಖಸಾಯಿಖಾನೆಗಳಲ್ಲಿ ಪ್ರಾಣಿವಧೆ ಮಾಡುವ ಹಾಗೂ ಮಾಂಸ ಮಾರಾಟಗಾರರಿಗೆ ತಿಳಿಯಪಡಿಸುವುದೇನೆಂದರೆ ಮಹಾವೀರ ಜಯಂತಿ ಪ್ರಯುಕ್ತ ಏಪ್ರಿಲ್ 10 ರಂದು ಖಸಾಯಿಖಾನೆ ಮತ್ತು ಮಾಂಸ ಮಾರಾಟವನ್ನು ಸಂಪೂರ್ಣ ಬಂದ್ ಮಾಡುವಂತೆ ನಗರಸಭೆ ಪೌರಾಯುಕ್ತರು ಪ್ರಕಟಣೆಯಲ್ಲಿ ತಿಳಿಸಿದ್ದಾರೆ.
